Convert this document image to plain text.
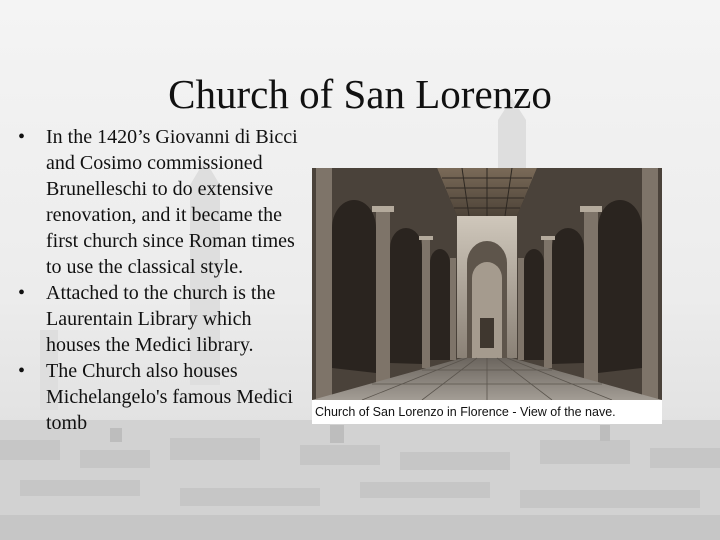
Church of San Lorenzo
•	In the 1420’s Giovanni di Bicci and Cosimo commissioned Brunelleschi to do extensive renovation, and it became the first church since Roman times to use the classical style.
•	Attached to the church is the Laurentain Library which houses the Medici library.
•	The Church also houses Michelangelo's famous Medici tomb	Church of San Lorenzo in Florence - View of the nave.
